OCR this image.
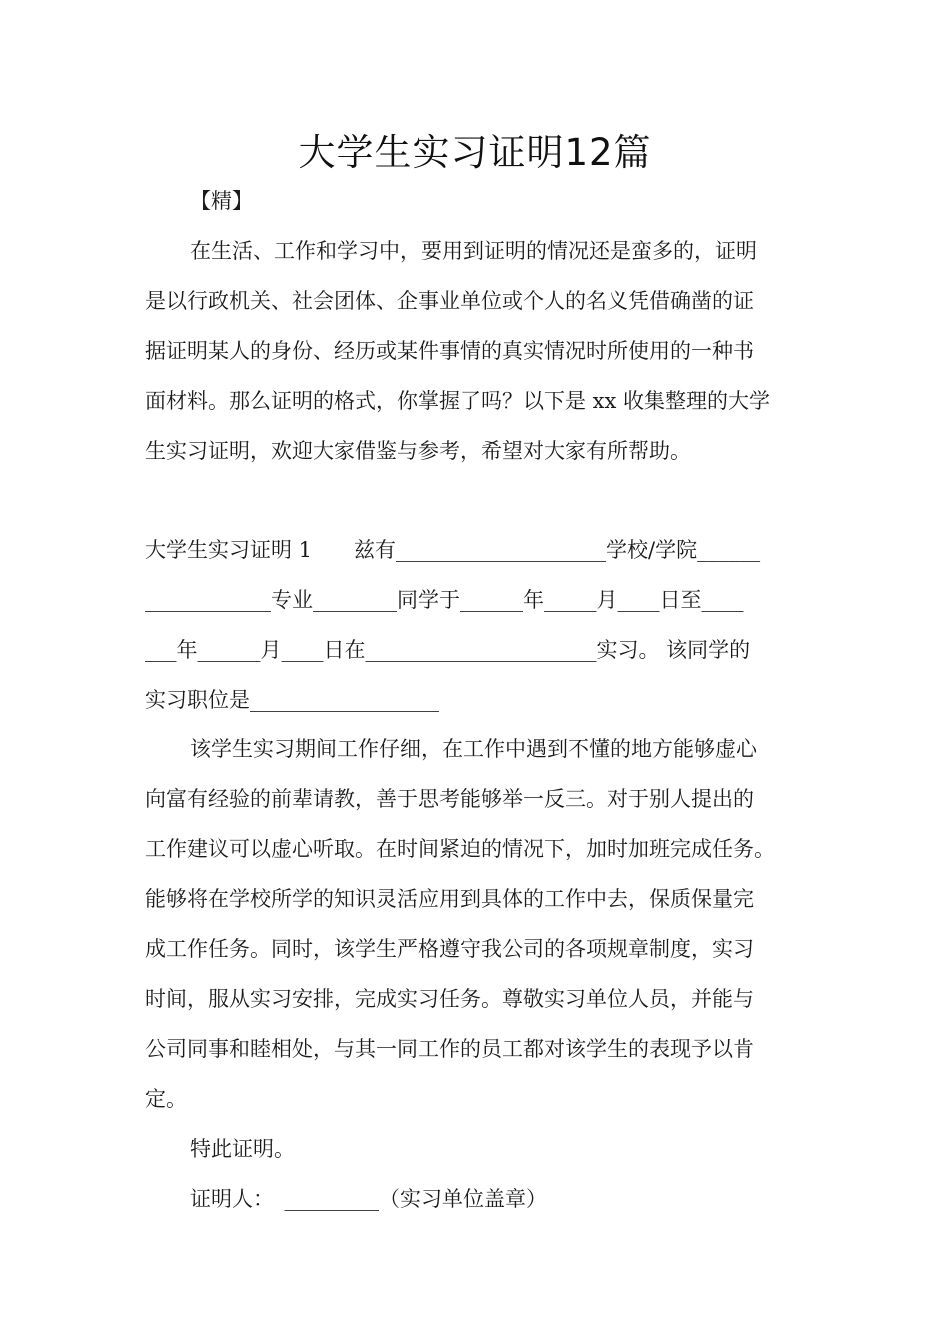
大学生实习证明12篇
【精】
在生活、工作和学习中，要用到证明的情况还是蛮多的，证明
是以行政机关、社会团体、企事业单位或个人的名义凭借确凿的证
据证明某人的身份、经历或某件事情的真实情况时所使用的一种书
面材料。那么证明的格式，你掌握了吗？以下是 xx 收集整理的大学
生实习证明，欢迎大家借鉴与参考，希望对大家有所帮助。
大学生实习证明 1　　兹有____________________学校/学院______
____________专业________同学于______年_____月____日至____
___年______月____日在______________________实习。 该同学的
实习职位是__________________
该学生实习期间工作仔细，在工作中遇到不懂的地方能够虚心
向富有经验的前辈请教，善于思考能够举一反三。对于别人提出的
工作建议可以虚心听取。在时间紧迫的情况下，加时加班完成任务。
能够将在学校所学的知识灵活应用到具体的工作中去，保质保量完
成工作任务。同时，该学生严格遵守我公司的各项规章制度，实习
时间，服从实习安排，完成实习任务。尊敬实习单位人员，并能与
公司同事和睦相处，与其一同工作的员工都对该学生的表现予以肯
定。
特此证明。
证明人：　_________（实习单位盖章）
